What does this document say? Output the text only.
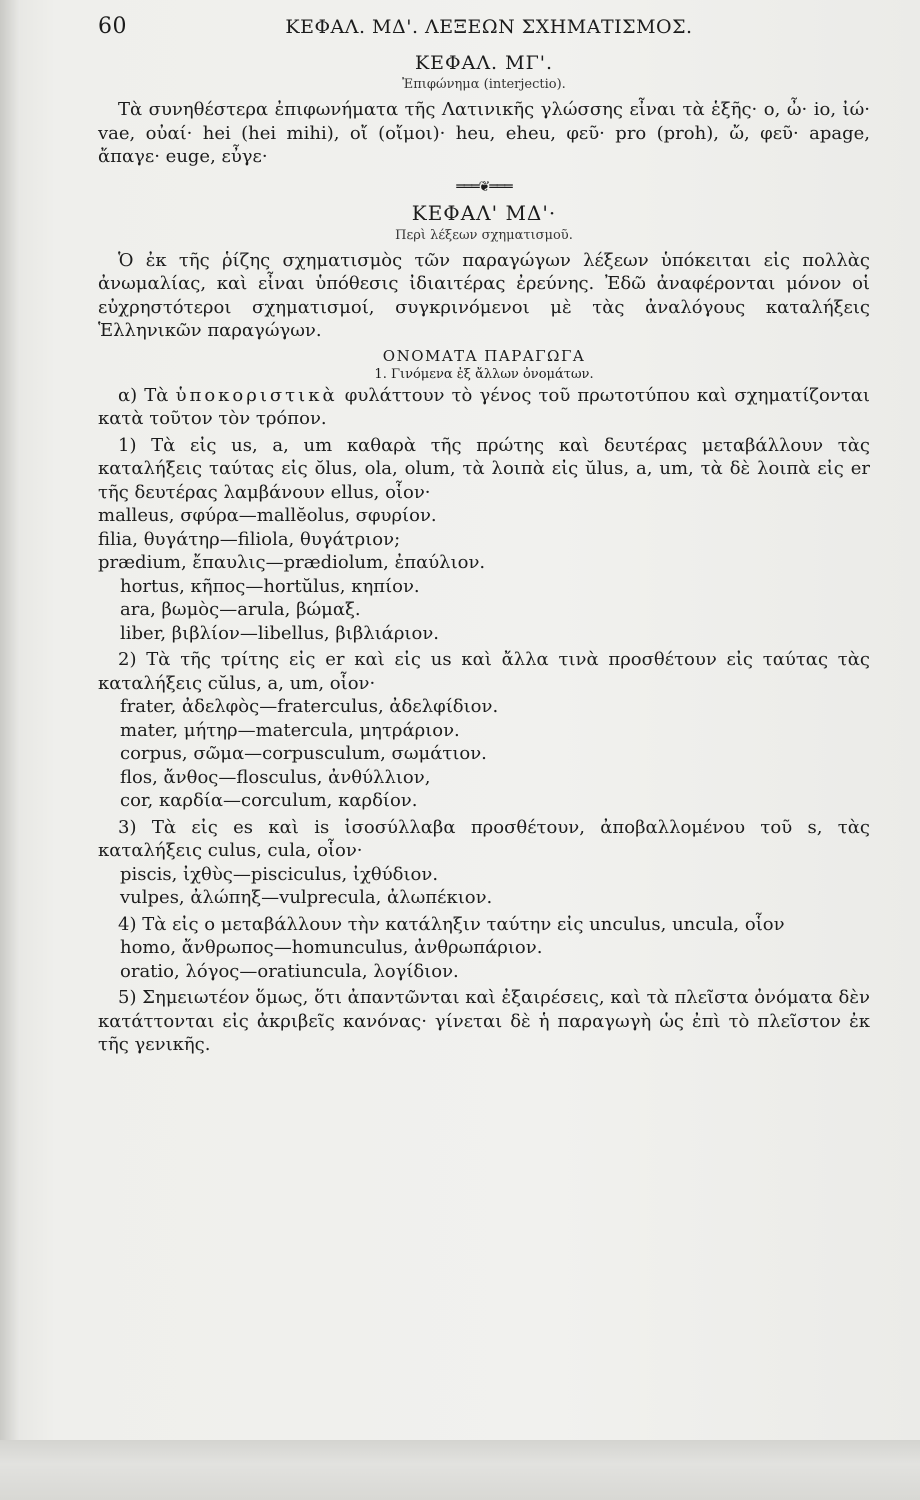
60	ΚΕΦΑΛ. ΜΔ'. ΛΕΞΕΩΝ ΣΧΗΜΑΤΙΣΜΟΣ.
ΚΕΦΑΛ. ΜΓ'.
Ἐπιφώνημα (interjectio).

Τὰ συνηθέστερα ἐπιφωνήματα τῆς Λατινικῆς γλώσσης εἶναι τὰ ἑξῆς· o, ὦ· io, ἰώ· vae, οὐαί· hei (hei mihi), οἴ (οἴμοι)· heu, eheu, φεῦ· pro (proh), ὤ, φεῦ· apage, ἄπαγε· euge, εὖγε·

═══❦═══
ΚΕΦΑΛ' ΜΔ'·
Περὶ λέξεων σχηματισμοῦ.

Ὁ ἐκ τῆς ῥίζης σχηματισμὸς τῶν παραγώγων λέξεων ὑπόκειται εἰς πολλὰς ἀνωμαλίας, καὶ εἶναι ὑπόθεσις ἰδιαιτέρας ἐρεύνης. Ἐδῶ ἀναφέρονται μόνον οἱ εὐχρηστότεροι σχηματισμοί, συγκρινόμενοι μὲ τὰς ἀναλόγους καταλήξεις Ἑλληνικῶν παραγώγων.

ΟΝΟΜΑΤΑ ΠΑΡΑΓΩΓΑ
1. Γινόμενα ἐξ ἄλλων ὀνομάτων.

α) Τὰ ὑποκοριστικὰ φυλάττουν τὸ γένος τοῦ πρωτοτύπου καὶ σχηματίζονται κατὰ τοῦτον τὸν τρόπον.

1) Τὰ εἰς us, a, um καθαρὰ τῆς πρώτης καὶ δευτέρας μεταβάλλουν τὰς καταλήξεις ταύτας εἰς ŏlus, ola, olum, τὰ λοιπὰ εἰς ŭlus, a, um, τὰ δὲ λοιπὰ εἰς er τῆς δευτέρας λαμβάνουν ellus, οἷον·

malleus, σφύρα—mallĕolus, σφυρίον.
filia, θυγάτηρ—filiola, θυγάτριον;
prædium, ἔπαυλις—prædiolum, ἐπαύλιον.
hortus, κῆπος—hortŭlus, κηπίον.
ara, βωμὸς—arula, βώμαξ.
liber, βιβλίον—libellus, βιβλιάριον.

2) Τὰ τῆς τρίτης εἰς er καὶ εἰς us καὶ ἄλλα τινὰ προσθέτουν εἰς ταύτας τὰς καταλήξεις cŭlus, a, um, οἷον·

frater, ἀδελφὸς—fraterculus, ἀδελφίδιον.
mater, μήτηρ—matercula, μητράριον.
corpus, σῶμα—corpusculum, σωμάτιον.
flos, ἄνθος—flosculus, ἀνθύλλιον,
cor, καρδία—corculum, καρδίον.

3) Τὰ εἰς es καὶ is ἰσοσύλλαβα προσθέτουν, ἀποβαλλομένου τοῦ s, τὰς καταλήξεις culus, cula, οἷον·

piscis, ἰχθὺς—pisciculus, ἰχθύδιον.
vulpes, ἀλώπηξ—vulprecula, ἀλωπέκιον.

4) Τὰ εἰς o μεταβάλλουν τὴν κατάληξιν ταύτην εἰς unculus, uncula, οἷον

homo, ἄνθρωπος—homunculus, ἀνθρωπάριον.
oratio, λόγος—oratiuncula, λογίδιον.

5) Σημειωτέον ὅμως, ὅτι ἀπαντῶνται καὶ ἐξαιρέσεις, καὶ τὰ πλεῖστα ὀνόματα δὲν κατάττονται εἰς ἀκριβεῖς κανόνας· γίνεται δὲ ἡ παραγωγὴ ὡς ἐπὶ τὸ πλεῖστον ἐκ τῆς γενικῆς.
